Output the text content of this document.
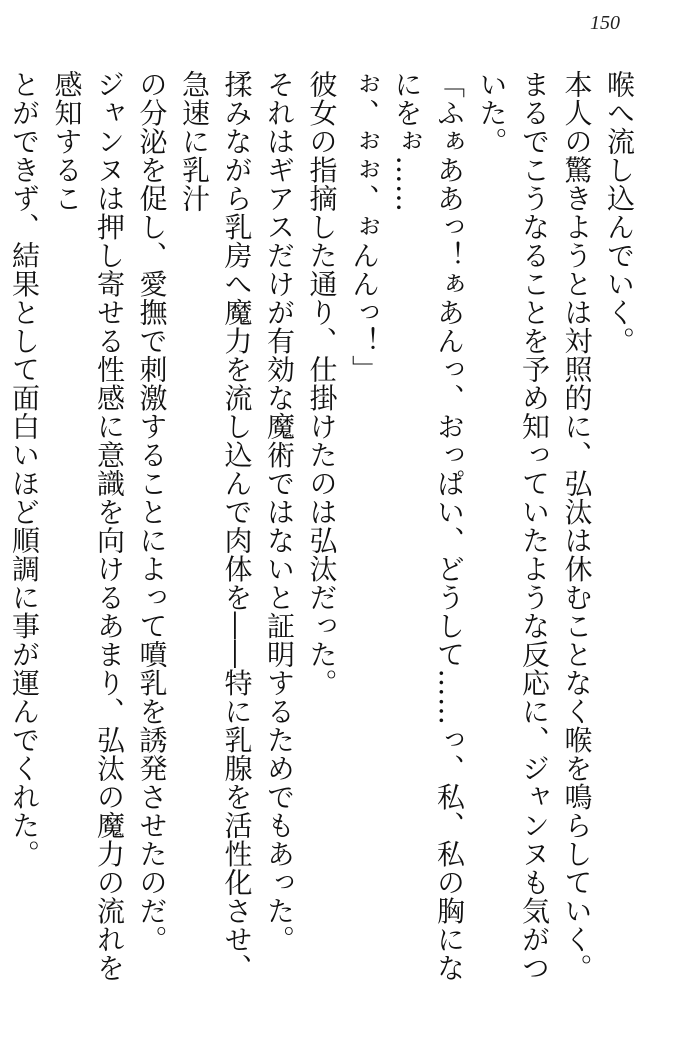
150

喉へ流し込んでいく。

本人の驚きようとは対照的に、弘汰は休むことなく喉を鳴らしていく。

まるでこうなることを予め知っていたような反応に、ジャンヌも気がついた。

「ふぁああっ！ぁあんっ、おっぱい、どうして……っ、私、私の胸になにをぉ……

ぉ、ぉぉ、ぉんんっ！」

彼女の指摘した通り、仕掛けたのは弘汰だった。

それはギアスだけが有効な魔術ではないと証明するためでもあった。

揉みながら乳房へ魔力を流し込んで肉体を――特に乳腺を活性化させ、急速に乳汁

の分泌を促し、愛撫で刺激することによって噴乳を誘発させたのだ。

ジャンヌは押し寄せる性感に意識を向けるあまり、弘汰の魔力の流れを感知するこ

とができず、結果として面白いほど順調に事が運んでくれた。
